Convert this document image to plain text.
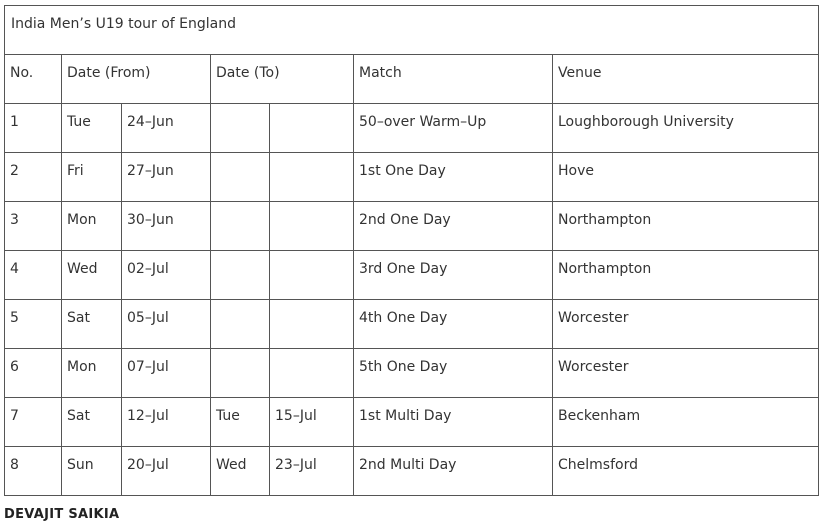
India Men’s U19 tour of England						
No.	Date (From)		Date (To)		Match	Venue
1	Tue	24–Jun			50–over Warm–Up	Loughborough University
2	Fri	27–Jun			1st One Day	Hove
3	Mon	30–Jun			2nd One Day	Northampton
4	Wed	02–Jul			3rd One Day	Northampton
5	Sat	05–Jul			4th One Day	Worcester
6	Mon	07–Jul			5th One Day	Worcester
7	Sat	12–Jul	Tue	15–Jul	1st Multi Day	Beckenham
8	Sun	20–Jul	Wed	23–Jul	2nd Multi Day	Chelmsford
DEVAJIT SAIKIA
